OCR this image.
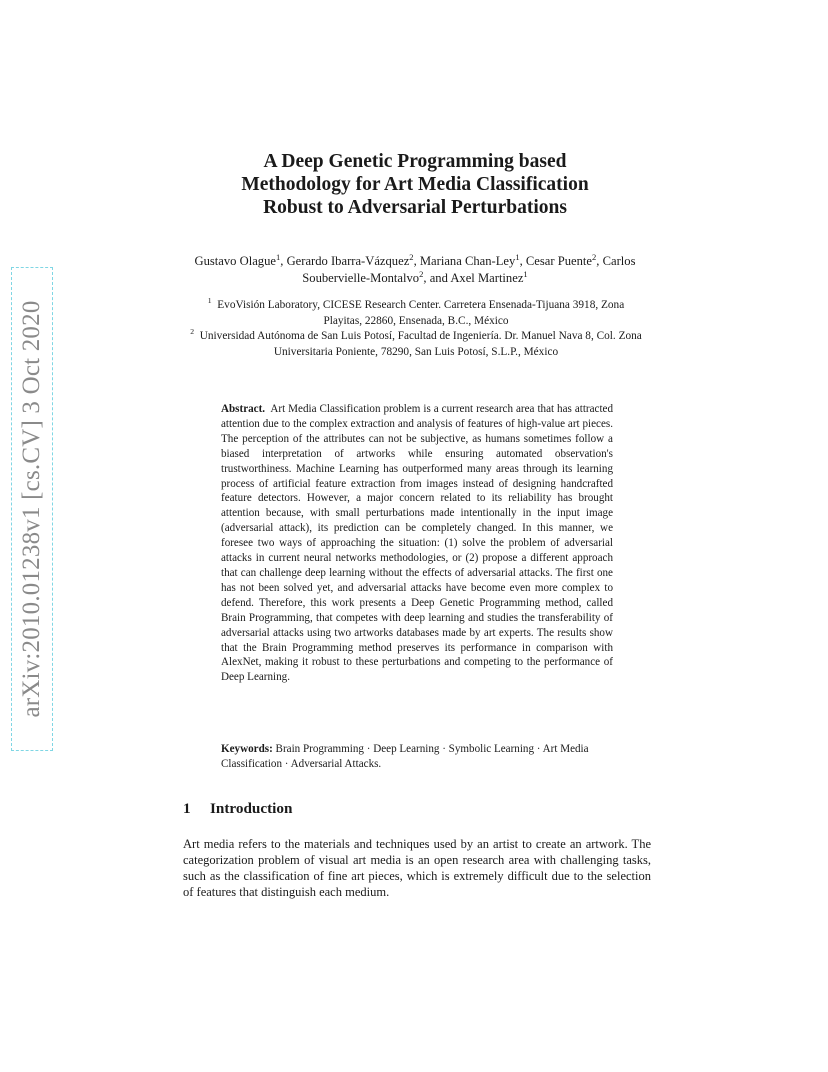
arXiv:2010.01238v1 [cs.CV] 3 Oct 2020
A Deep Genetic Programming based
Methodology for Art Media Classification
Robust to Adversarial Perturbations
Gustavo Olague$^1$, Gerardo Ibarra-Vázquez$^2$, Mariana Chan-Ley$^1$, Cesar Puente$^2$, Carlos Soubervielle-Montalvo$^2$, and Axel Martinez$^1$
$^1$ EvoVisión Laboratory, CICESE Research Center. Carretera Ensenada-Tijuana 3918, Zona Playitas, 22860, Ensenada, B.C., México
$^2$ Universidad Autónoma de San Luis Potosí, Facultad de Ingeniería. Dr. Manuel Nava 8, Col. Zona Universitaria Poniente, 78290, San Luis Potosí, S.L.P., México
Abstract. Art Media Classification problem is a current research area that has attracted attention due to the complex extraction and analysis of features of high-value art pieces. The perception of the attributes can not be subjective, as humans sometimes follow a biased interpretation of artworks while ensuring automated observation's trustworthiness. Machine Learning has outperformed many areas through its learning process of artificial feature extraction from images instead of designing handcrafted feature detectors. However, a major concern related to its reliability has brought attention because, with small perturbations made intentionally in the input image (adversarial attack), its prediction can be completely changed. In this manner, we foresee two ways of approaching the situation: (1) solve the problem of adversarial attacks in current neural networks methodologies, or (2) propose a different approach that can challenge deep learning without the effects of adversarial attacks. The first one has not been solved yet, and adversarial attacks have become even more complex to defend. Therefore, this work presents a Deep Genetic Programming method, called Brain Programming, that competes with deep learning and studies the transferability of adversarial attacks using two artworks databases made by art experts. The results show that the Brain Programming method preserves its performance in comparison with AlexNet, making it robust to these perturbations and competing to the performance of Deep Learning.
Keywords: Brain Programming · Deep Learning · Symbolic Learning · Art Media Classification · Adversarial Attacks.
1 Introduction
Art media refers to the materials and techniques used by an artist to create an artwork. The categorization problem of visual art media is an open research area with challenging tasks, such as the classification of fine art pieces, which is extremely difficult due to the selection of features that distinguish each medium.
